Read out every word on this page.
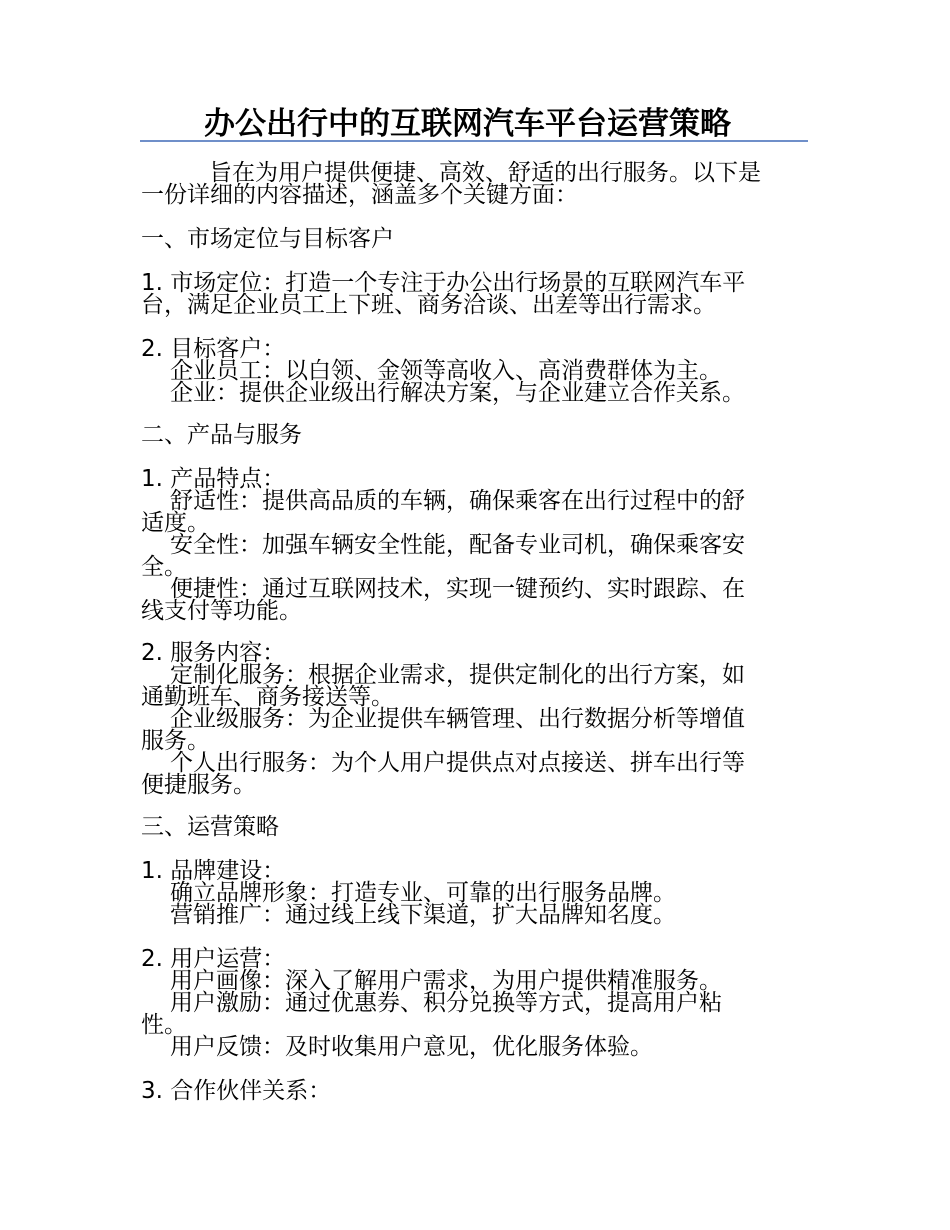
办公出行中的互联网汽车平台运营策略
旨在为用户提供便捷、高效、舒适的出行服务。以下是
一份详细的内容描述，涵盖多个关键方面：
一、市场定位与目标客户
1. 市场定位：打造一个专注于办公出行场景的互联网汽车平
台，满足企业员工上下班、商务洽谈、出差等出行需求。
2. 目标客户：
企业员工：以白领、金领等高收入、高消费群体为主。
企业：提供企业级出行解决方案，与企业建立合作关系。
二、产品与服务
1. 产品特点：
舒适性：提供高品质的车辆，确保乘客在出行过程中的舒
适度。
安全性：加强车辆安全性能，配备专业司机，确保乘客安
全。
便捷性：通过互联网技术，实现一键预约、实时跟踪、在
线支付等功能。
2. 服务内容：
定制化服务：根据企业需求，提供定制化的出行方案，如
通勤班车、商务接送等。
企业级服务：为企业提供车辆管理、出行数据分析等增值
服务。
个人出行服务：为个人用户提供点对点接送、拼车出行等
便捷服务。
三、运营策略
1. 品牌建设：
确立品牌形象：打造专业、可靠的出行服务品牌。
营销推广：通过线上线下渠道，扩大品牌知名度。
2. 用户运营：
用户画像：深入了解用户需求，为用户提供精准服务。
用户激励：通过优惠券、积分兑换等方式，提高用户粘
性。
用户反馈：及时收集用户意见，优化服务体验。
3. 合作伙伴关系：
